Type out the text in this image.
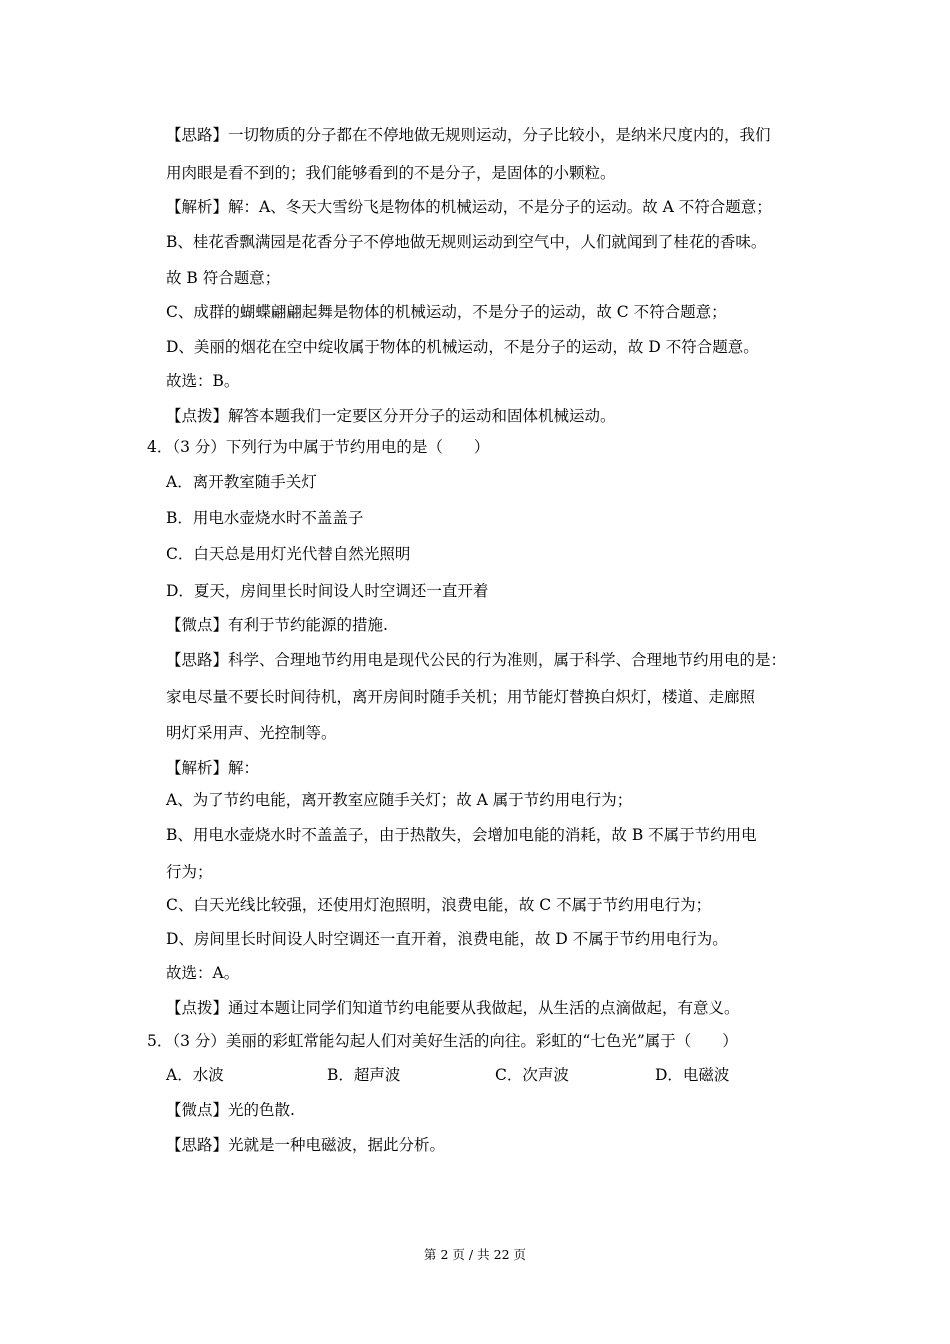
【思路】一切物质的分子都在不停地做无规则运动，分子比较小，是纳米尺度内的，我们
用肉眼是看不到的；我们能够看到的不是分子，是固体的小颗粒。
【解析】解：A、冬天大雪纷飞是物体的机械运动，不是分子的运动。故 A 不符合题意；
B、桂花香飘满园是花香分子不停地做无规则运动到空气中，人们就闻到了桂花的香味。
故 B 符合题意；
C、成群的蝴蝶翩翩起舞是物体的机械运动，不是分子的运动，故 C 不符合题意；
D、美丽的烟花在空中绽收属于物体的机械运动，不是分子的运动，故 D 不符合题意。
故选：B。
【点拨】解答本题我们一定要区分开分子的运动和固体机械运动。
4．（3 分）下列行为中属于节约用电的是（　　）
A．离开教室随手关灯
B．用电水壶烧水时不盖盖子
C．白天总是用灯光代替自然光照明
D．夏天，房间里长时间设人时空调还一直开着
【微点】有利于节约能源的措施.
【思路】科学、合理地节约用电是现代公民的行为准则，属于科学、合理地节约用电的是：
家电尽量不要长时间待机，离开房间时随手关机；用节能灯替换白炽灯，楼道、走廊照
明灯采用声、光控制等。
【解析】解：
A、为了节约电能，离开教室应随手关灯；故 A 属于节约用电行为；
B、用电水壶烧水时不盖盖子，由于热散失，会增加电能的消耗，故 B 不属于节约用电
行为；
C、白天光线比较强，还使用灯泡照明，浪费电能，故 C 不属于节约用电行为；
D、房间里长时间设人时空调还一直开着，浪费电能，故 D 不属于节约用电行为。
故选：A。
【点拨】通过本题让同学们知道节约电能要从我做起，从生活的点滴做起，有意义。
5．（3 分）美丽的彩虹常能勾起人们对美好生活的向往。彩虹的“七色光”属于（　　）
A．水波	B．超声波	C．次声波	D．电磁波
【微点】光的色散.
【思路】光就是一种电磁波，据此分析。
第 2 页 / 共 22 页
